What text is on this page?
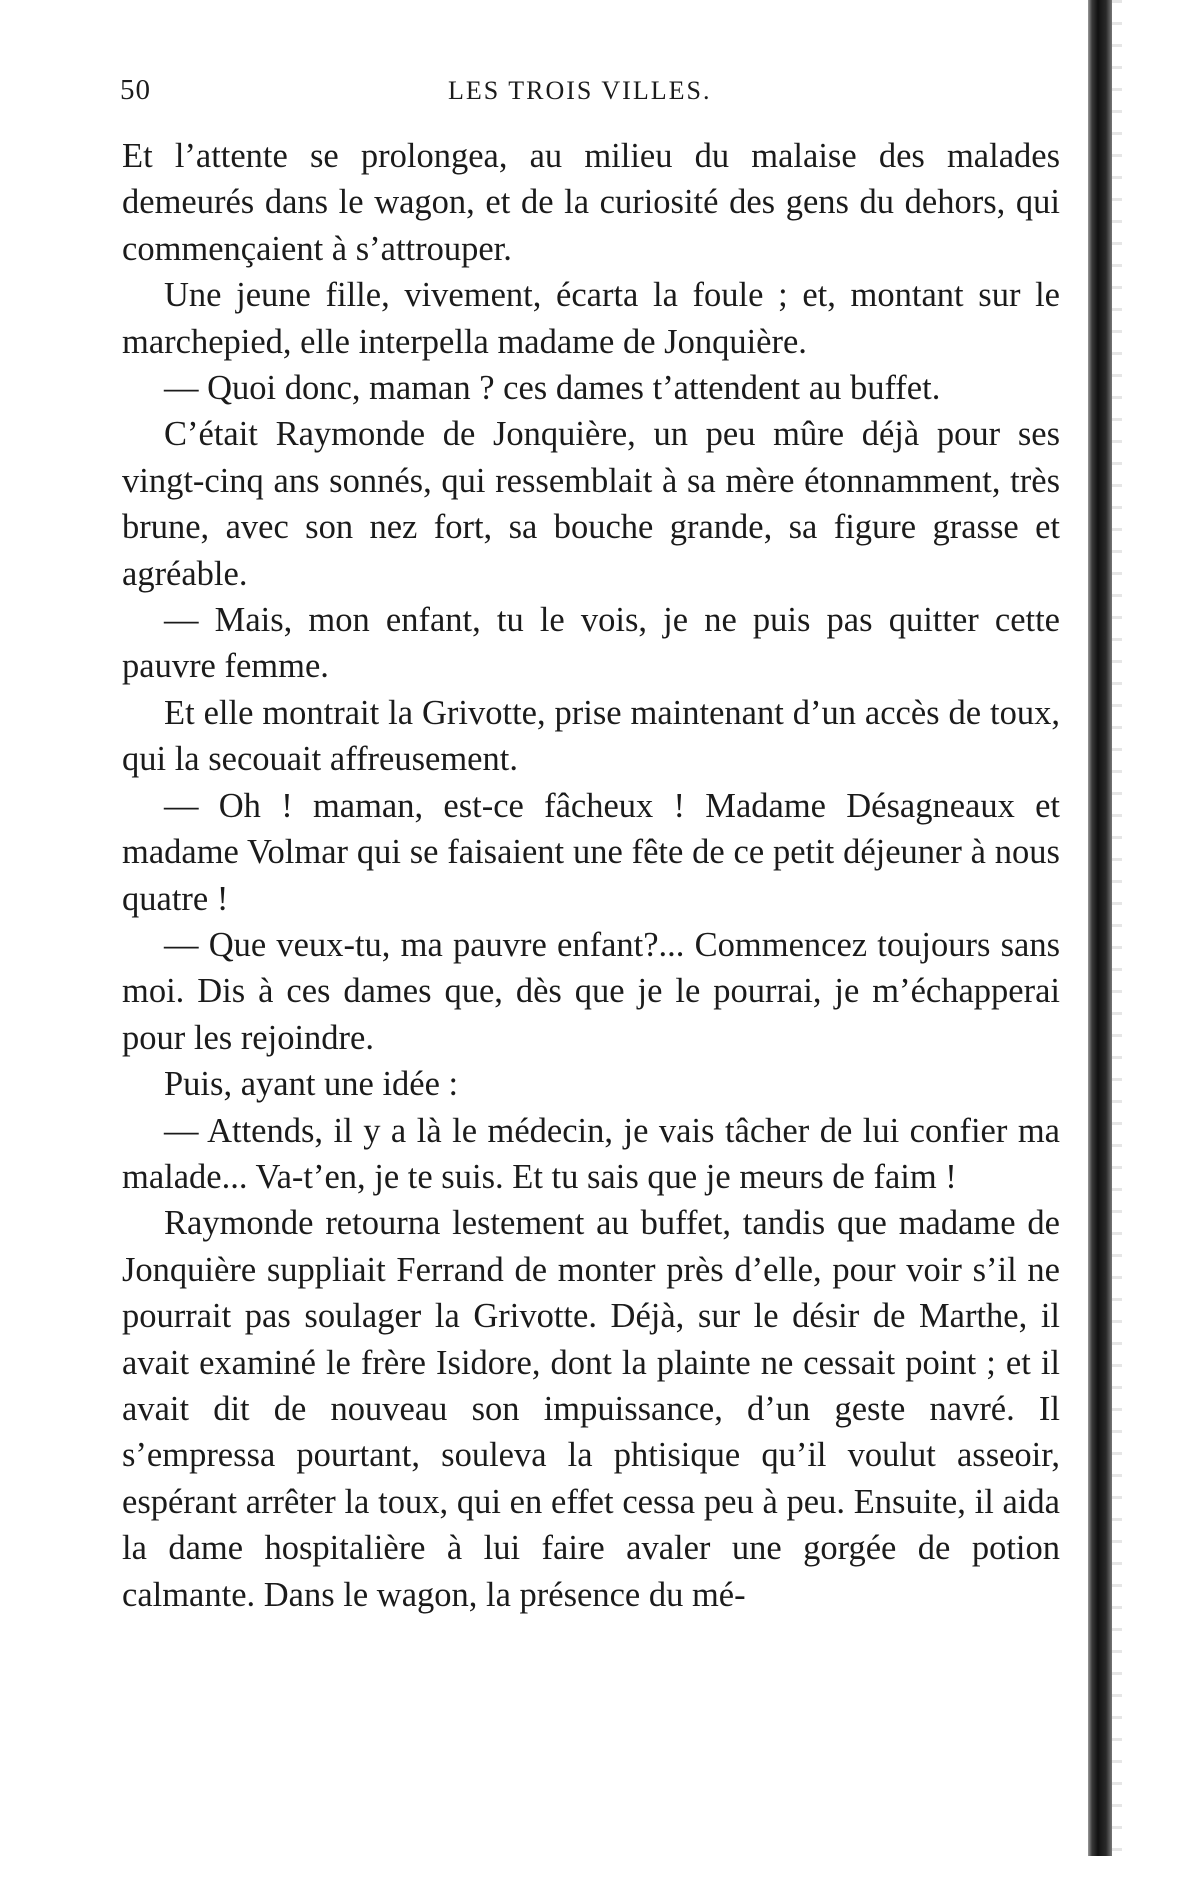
50	LES TROIS VILLES.

Et l’attente se prolongea, au milieu du malaise des malades demeurés dans le wagon, et de la curiosité des gens du dehors, qui commençaient à s’attrouper.

Une jeune fille, vivement, écarta la foule ; et, montant sur le marchepied, elle interpella madame de Jonquière.

— Quoi donc, maman ? ces dames t’attendent au buffet.

C’était Raymonde de Jonquière, un peu mûre déjà pour ses vingt-cinq ans sonnés, qui ressemblait à sa mère étonnamment, très brune, avec son nez fort, sa bouche grande, sa figure grasse et agréable.

— Mais, mon enfant, tu le vois, je ne puis pas quitter cette pauvre femme.

Et elle montrait la Grivotte, prise maintenant d’un accès de toux, qui la secouait affreusement.

— Oh ! maman, est-ce fâcheux ! Madame Désagneaux et madame Volmar qui se faisaient une fête de ce petit déjeuner à nous quatre !

— Que veux-tu, ma pauvre enfant?... Commencez toujours sans moi. Dis à ces dames que, dès que je le pourrai, je m’échapperai pour les rejoindre.

Puis, ayant une idée :

— Attends, il y a là le médecin, je vais tâcher de lui confier ma malade... Va-t’en, je te suis. Et tu sais que je meurs de faim !

Raymonde retourna lestement au buffet, tandis que madame de Jonquière suppliait Ferrand de monter près d’elle, pour voir s’il ne pourrait pas soulager la Grivotte. Déjà, sur le désir de Marthe, il avait examiné le frère Isidore, dont la plainte ne cessait point ; et il avait dit de nouveau son impuissance, d’un geste navré. Il s’empressa pourtant, souleva la phtisique qu’il voulut asseoir, espérant arrêter la toux, qui en effet cessa peu à peu. Ensuite, il aida la dame hospitalière à lui faire avaler une gorgée de potion calmante. Dans le wagon, la présence du mé-
